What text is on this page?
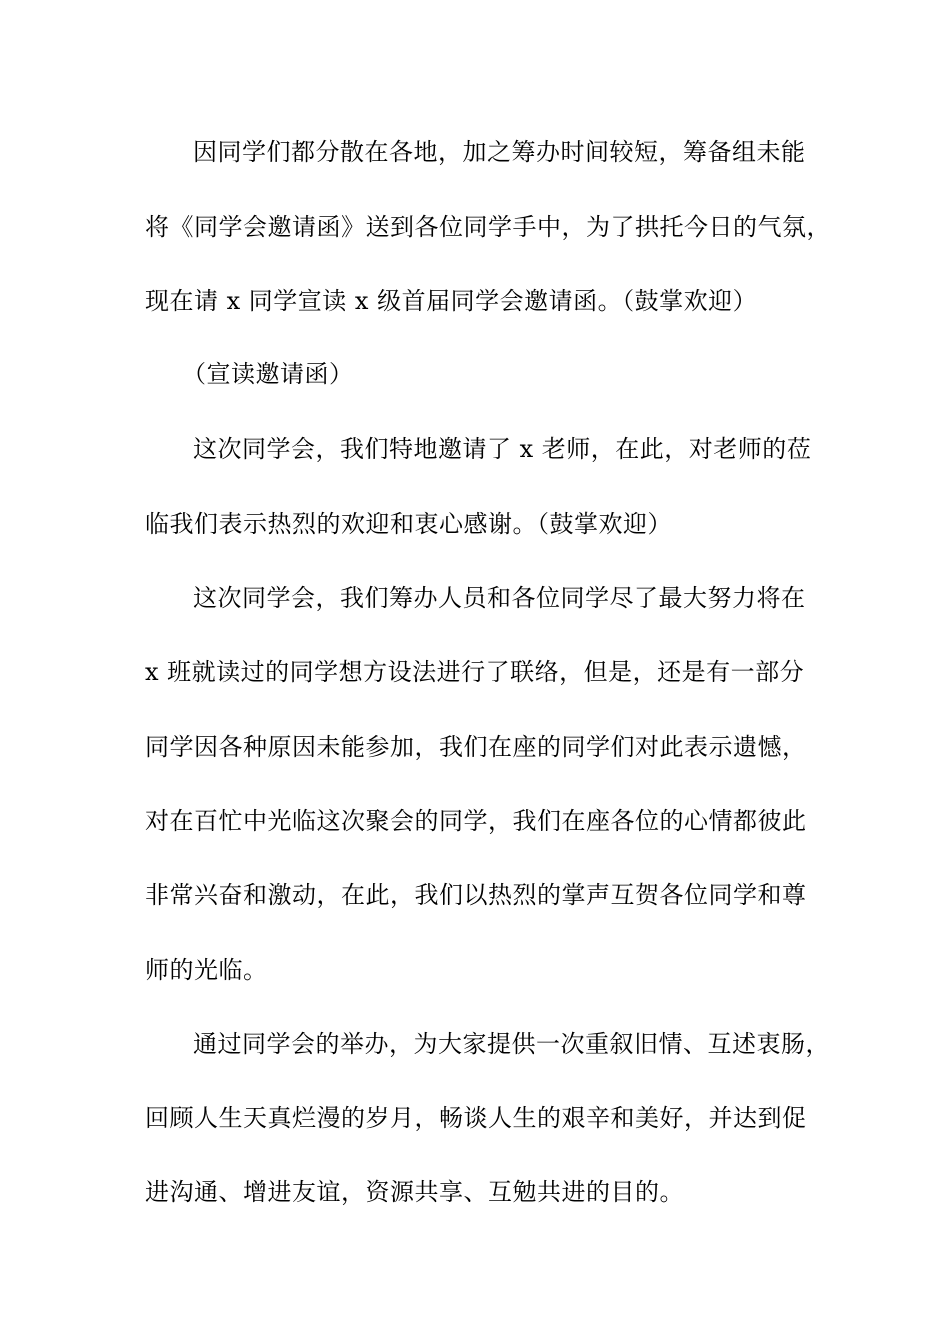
因同学们都分散在各地，加之筹办时间较短，筹备组未能
将《同学会邀请函》送到各位同学手中，为了拱托今日的气氛，
现在请 x 同学宣读 x 级首届同学会邀请函。（鼓掌欢迎）
（宣读邀请函）
这次同学会，我们特地邀请了 x 老师，在此，对老师的莅
临我们表示热烈的欢迎和衷心感谢。（鼓掌欢迎）
这次同学会，我们筹办人员和各位同学尽了最大努力将在
x 班就读过的同学想方设法进行了联络，但是，还是有一部分
同学因各种原因未能参加，我们在座的同学们对此表示遗憾，
对在百忙中光临这次聚会的同学，我们在座各位的心情都彼此
非常兴奋和激动，在此，我们以热烈的掌声互贺各位同学和尊
师的光临。
通过同学会的举办，为大家提供一次重叙旧情、互述衷肠，
回顾人生天真烂漫的岁月，畅谈人生的艰辛和美好，并达到促
进沟通、增进友谊，资源共享、互勉共进的目的。
